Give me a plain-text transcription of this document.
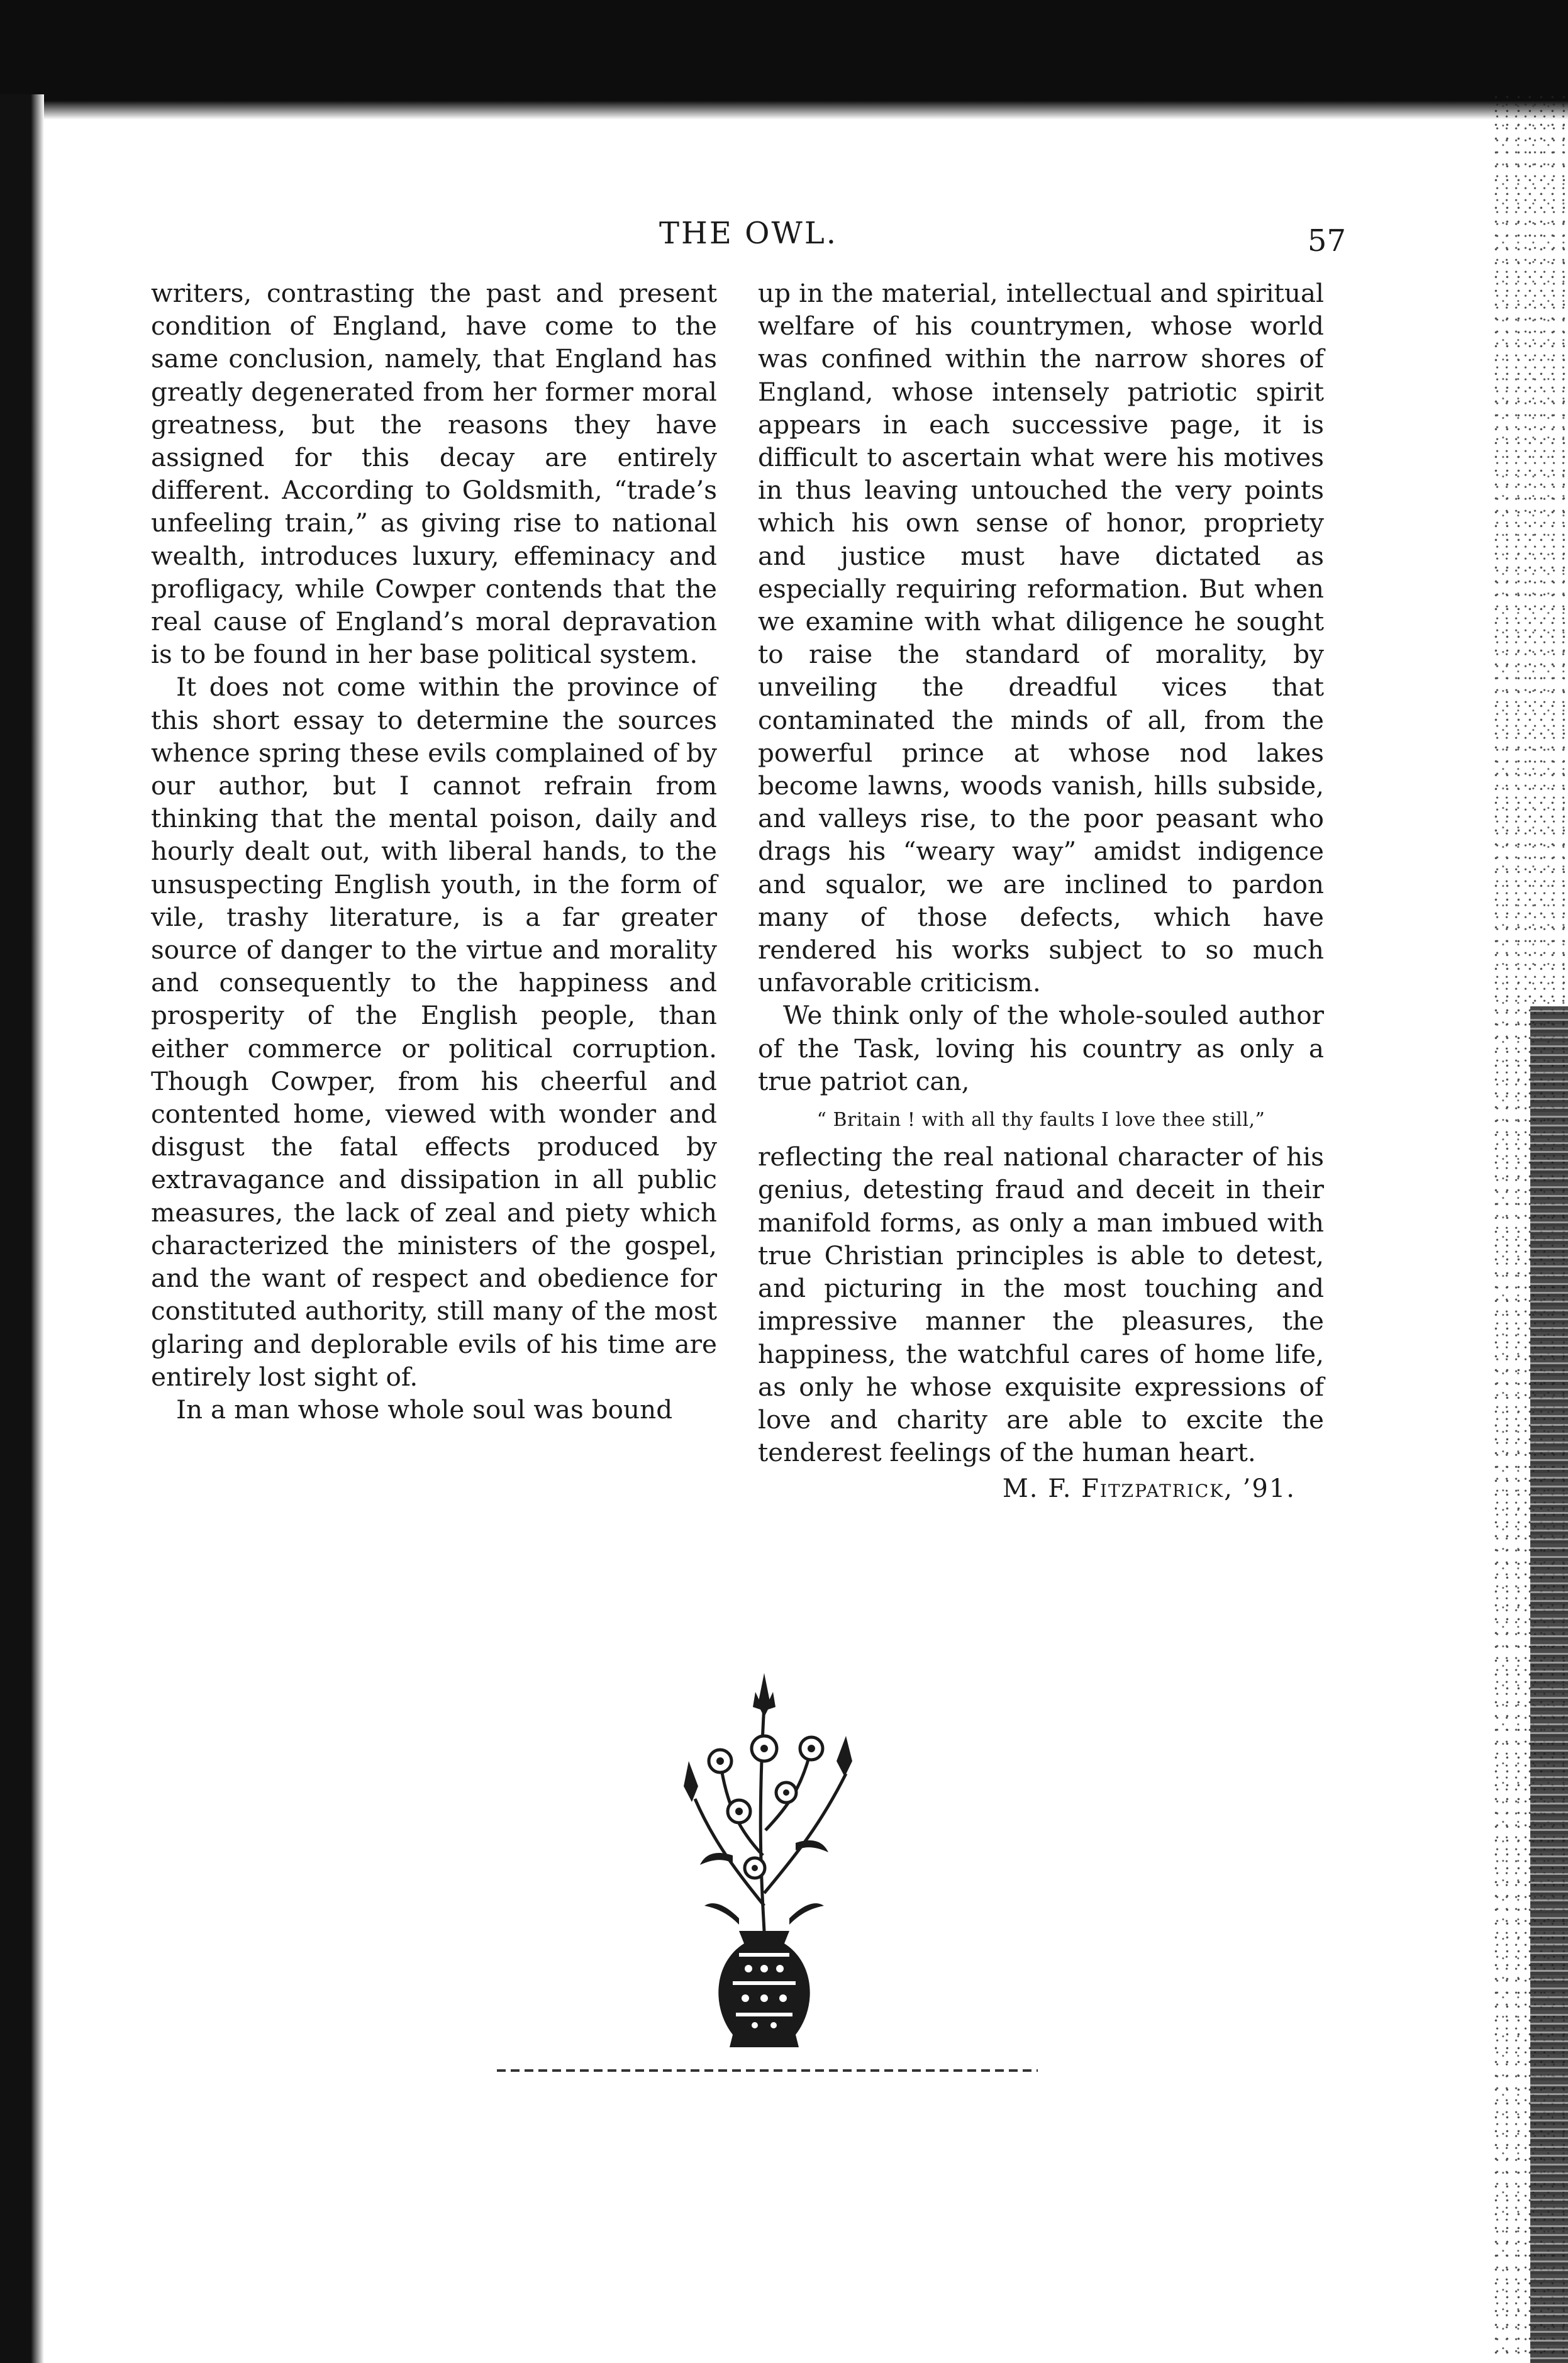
THE OWL.	57

writers, contrasting the past and present condition of England, have come to the same conclusion, namely, that England has greatly degenerated from her former moral greatness, but the reasons they have assigned for this decay are entirely different. According to Goldsmith, “trade’s unfeeling train,” as giving rise to national wealth, introduces luxury, effeminacy and profligacy, while Cowper contends that the real cause of England’s moral depravation is to be found in her base political system.

It does not come within the province of this short essay to determine the sources whence spring these evils complained of by our author, but I cannot refrain from thinking that the mental poison, daily and hourly dealt out, with liberal hands, to the unsuspecting English youth, in the form of vile, trashy literature, is a far greater source of danger to the virtue and morality and consequently to the happiness and prosperity of the English people, than either commerce or political corruption. Though Cowper, from his cheerful and contented home, viewed with wonder and disgust the fatal effects produced by extravagance and dissipation in all public measures, the lack of zeal and piety which characterized the ministers of the gospel, and the want of respect and obedience for constituted authority, still many of the most glaring and deplorable evils of his time are entirely lost sight of.

In a man whose whole soul was bound

up in the material, intellectual and spiritual welfare of his countrymen, whose world was confined within the narrow shores of England, whose intensely patriotic spirit appears in each successive page, it is difficult to ascertain what were his motives in thus leaving untouched the very points which his own sense of honor, propriety and justice must have dictated as especially requiring reformation. But when we examine with what diligence he sought to raise the standard of morality, by unveiling the dreadful vices that contaminated the minds of all, from the powerful prince at whose nod lakes become lawns, woods vanish, hills subside, and valleys rise, to the poor peasant who drags his “weary way” amidst indigence and squalor, we are inclined to pardon many of those defects, which have rendered his works subject to so much unfavorable criticism.

We think only of the whole-souled author of the Task, loving his country as only a true patriot can,

“ Britain ! with all thy faults I love thee still,”

reflecting the real national character of his genius, detesting fraud and deceit in their manifold forms, as only a man imbued with true Christian principles is able to detest, and picturing in the most touching and impressive manner the pleasures, the happiness, the watchful cares of home life, as only he whose exquisite expressions of love and charity are able to excite the tenderest feelings of the human heart.

M. F. Fitzpatrick, ’91.
